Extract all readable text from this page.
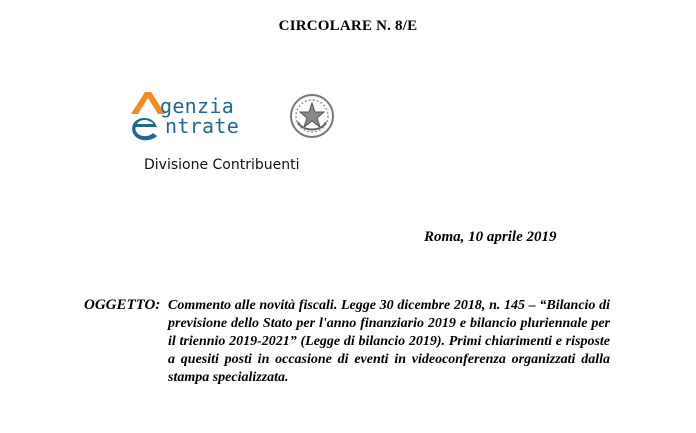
CIRCOLARE N. 8/E
genzia
ntrate
Divisione Contribuenti
Roma, 10 aprile 2019
OGGETTO: Commento alle novità fiscali. Legge 30 dicembre 2018, n. 145 – “Bilancio di previsione dello Stato per l'anno finanziario 2019 e bilancio pluriennale per il triennio 2019-2021” (Legge di bilancio 2019). Primi chiarimenti e risposte a quesiti posti in occasione di eventi in videoconferenza organizzati dalla stampa specializzata.
